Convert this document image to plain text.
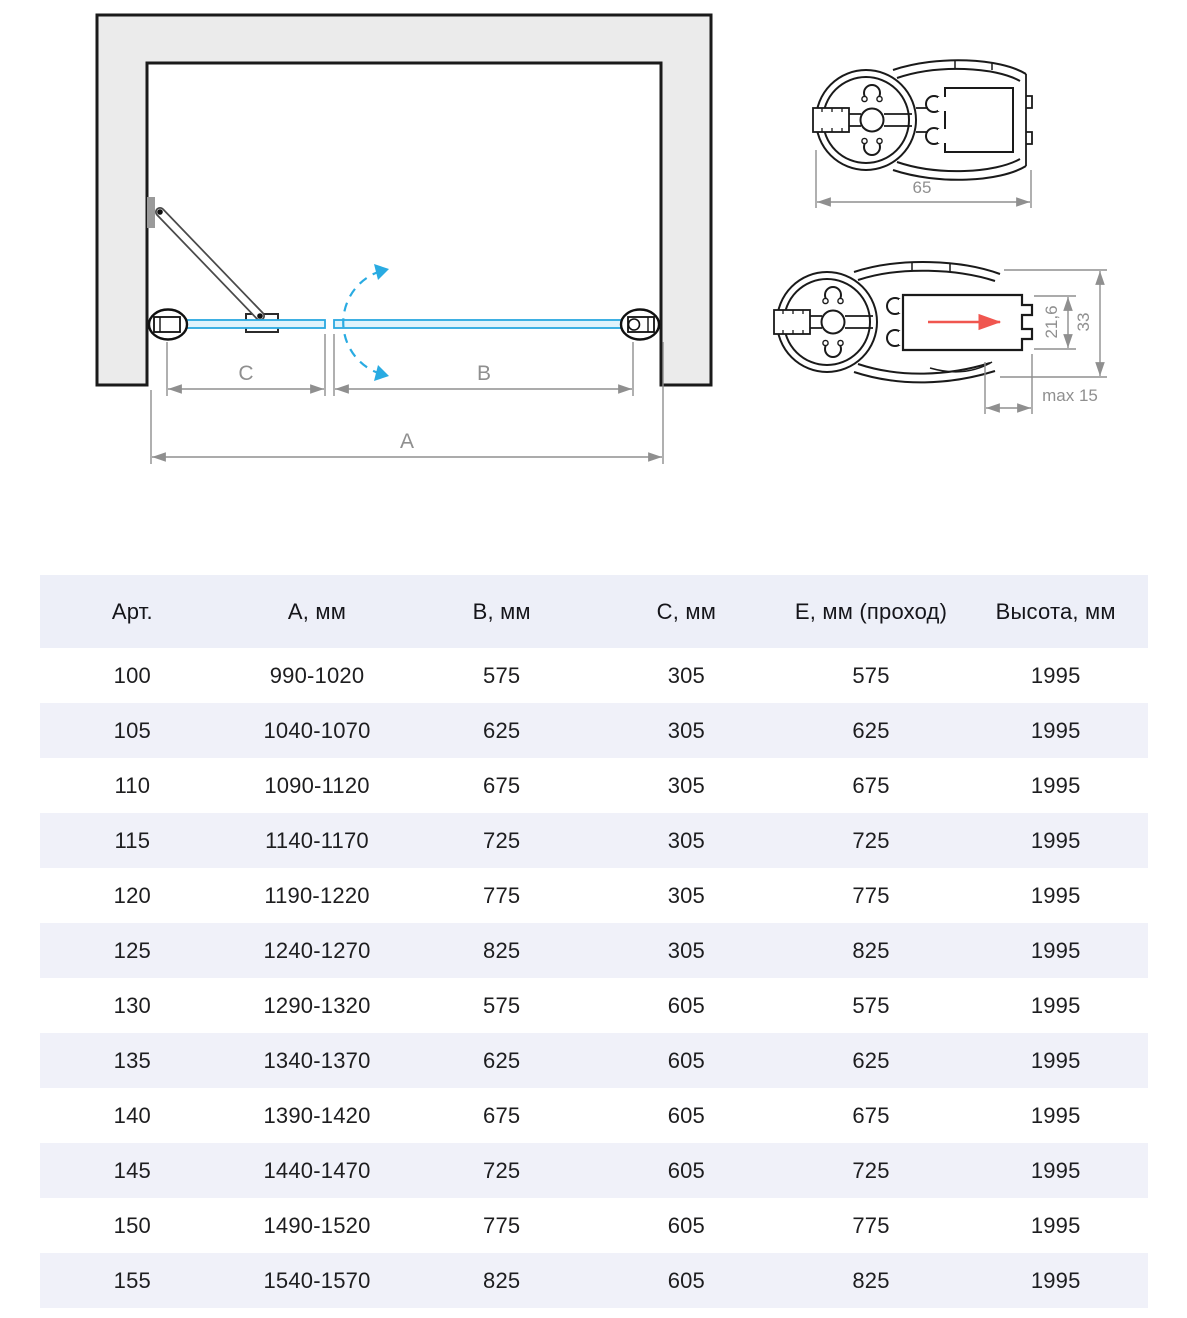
C	B
A
65
21,6 33
max 15
Арт.	А, мм	В, мм	С, мм	Е, мм (проход)	Высота, мм
100	990-1020	575	305	575	1995
105	1040-1070	625	305	625	1995
110	1090-1120	675	305	675	1995
115	1140-1170	725	305	725	1995
120	1190-1220	775	305	775	1995
125	1240-1270	825	305	825	1995
130	1290-1320	575	605	575	1995
135	1340-1370	625	605	625	1995
140	1390-1420	675	605	675	1995
145	1440-1470	725	605	725	1995
150	1490-1520	775	605	775	1995
155	1540-1570	825	605	825	1995
